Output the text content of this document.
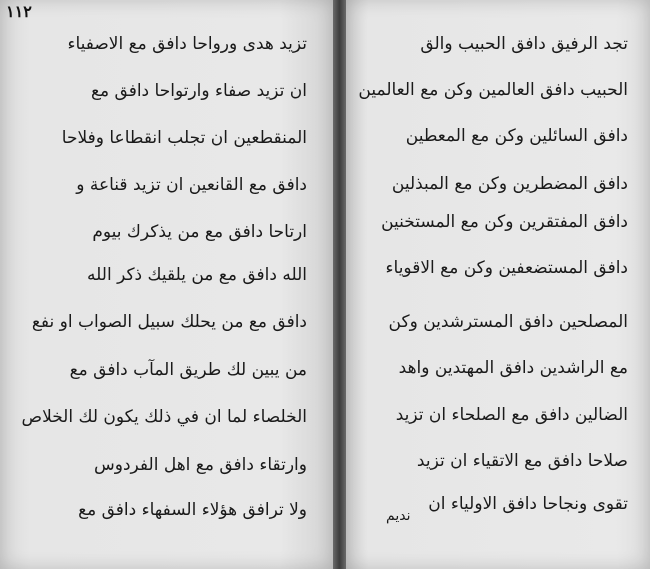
١١٢
تزيد هدى ورواحا دافق مع الاصفياء
ان تزيد صفاء وارتواحا دافق مع
المنقطعين ان تجلب انقطاعا وفلاحا
دافق مع القانعين ان تزيد قناعة و
ارتاحا دافق مع من يذكرك بيوم
الله دافق مع من يلقيك ذكر الله
دافق مع من يحلك سبيل الصواب او نفع
من يبين لك طريق المآب دافق مع
الخلصاء لما ان في ذلك يكون لك الخلاص
وارتقاء دافق مع اهل الفردوس
ولا ترافق هؤلاء السفهاء دافق مع
تجد الرفيق دافق الحبيب والق
الحبيب دافق العالمين وكن مع العالمين
دافق السائلين وكن مع المعطين
دافق المضطرين وكن مع المبذلين
دافق المفتقرين وكن مع المستخنين
دافق المستضعفين وكن مع الاقوياء
المصلحين دافق المسترشدين وكن
مع الراشدين دافق المهتدين واهد
الضالين دافق مع الصلحاء ان تزيد
صلاحا دافق مع الاتقياء ان تزيد
تقوى ونجاحا دافق الاولياء ان
نديم
